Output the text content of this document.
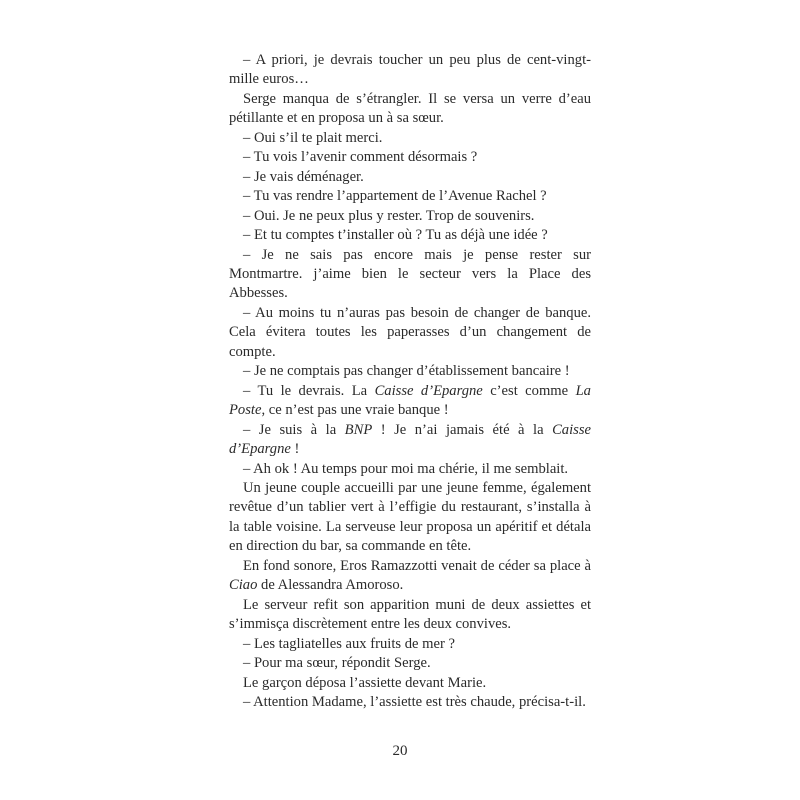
– A priori, je devrais toucher un peu plus de cent-vingt-mille euros…

Serge manqua de s’étrangler. Il se versa un verre d’eau pétillante et en proposa un à sa sœur.

– Oui s’il te plait merci.

– Tu vois l’avenir comment désormais ?

– Je vais déménager.

– Tu vas rendre l’appartement de l’Avenue Rachel ?

– Oui. Je ne peux plus y rester. Trop de souvenirs.

– Et tu comptes t’installer où ? Tu as déjà une idée ?

– Je ne sais pas encore mais je pense rester sur Montmartre. j’aime bien le secteur vers la Place des Abbesses.

– Au moins tu n’auras pas besoin de changer de banque. Cela évitera toutes les paperasses d’un changement de compte.

– Je ne comptais pas changer d’établissement bancaire !

– Tu le devrais. La Caisse d’Epargne c’est comme La Poste, ce n’est pas une vraie banque !

– Je suis à la BNP ! Je n’ai jamais été à la Caisse d’Epargne !

– Ah ok ! Au temps pour moi ma chérie, il me semblait.

Un jeune couple accueilli par une jeune femme, également revêtue d’un tablier vert à l’effigie du restaurant, s’installa à la table voisine. La serveuse leur proposa un apéritif et détala en direction du bar, sa commande en tête.

En fond sonore, Eros Ramazzotti venait de céder sa place à Ciao de Alessandra Amoroso.

Le serveur refit son apparition muni de deux assiettes et s’immisça discrètement entre les deux convives.

– Les tagliatelles aux fruits de mer ?

– Pour ma sœur, répondit Serge.

Le garçon déposa l’assiette devant Marie.

– Attention Madame, l’assiette est très chaude, précisa-t-il.

20
